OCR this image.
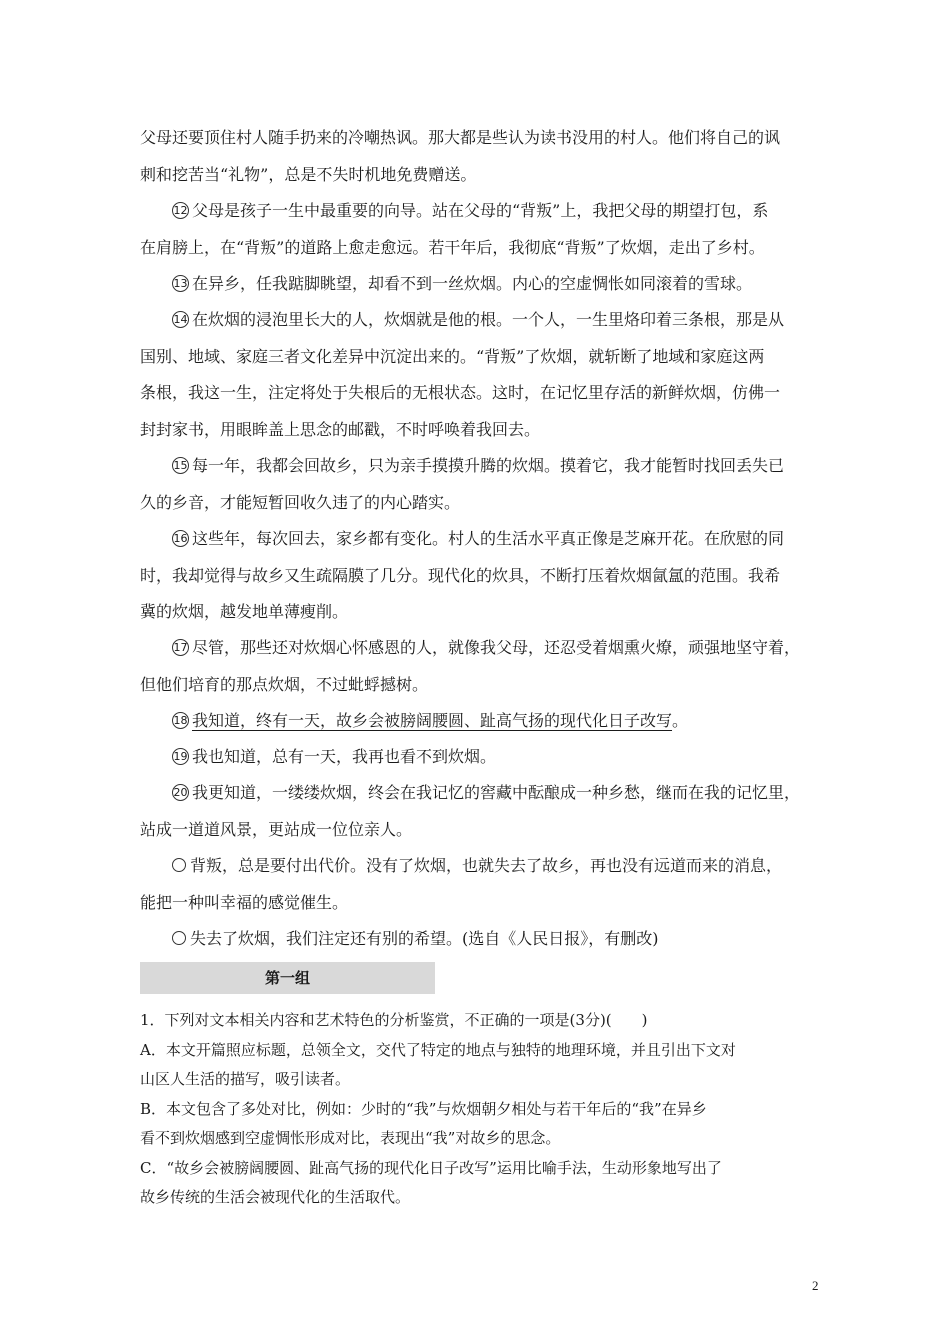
父母还要顶住村人随手扔来的冷嘲热讽。那大都是些认为读书没用的村人。他们将自己的讽
刺和挖苦当“礼物”，总是不失时机地免费赠送。
12 父母是孩子一生中最重要的向导。站在父母的“背叛”上，我把父母的期望打包，系
在肩膀上，在“背叛”的道路上愈走愈远。若干年后，我彻底“背叛”了炊烟，走出了乡村。
13 在异乡，任我踮脚眺望，却看不到一丝炊烟。内心的空虚惆怅如同滚着的雪球。
14 在炊烟的浸泡里长大的人，炊烟就是他的根。一个人，一生里烙印着三条根，那是从
国别、地域、家庭三者文化差异中沉淀出来的。“背叛”了炊烟，就斩断了地域和家庭这两
条根，我这一生，注定将处于失根后的无根状态。这时，在记忆里存活的新鲜炊烟，仿佛一
封封家书，用眼眸盖上思念的邮戳，不时呼唤着我回去。
15 每一年，我都会回故乡，只为亲手摸摸升腾的炊烟。摸着它，我才能暂时找回丢失已
久的乡音，才能短暂回收久违了的内心踏实。
16 这些年，每次回去，家乡都有变化。村人的生活水平真正像是芝麻开花。在欣慰的同
时，我却觉得与故乡又生疏隔膜了几分。现代化的炊具，不断打压着炊烟氤氲的范围。我希
冀的炊烟，越发地单薄瘦削。
17 尽管，那些还对炊烟心怀感恩的人，就像我父母，还忍受着烟熏火燎，顽强地坚守着，
但他们培育的那点炊烟，不过蚍蜉撼树。
18 我知道，终有一天，故乡会被膀阔腰圆、趾高气扬的现代化日子改写。
19 我也知道，总有一天，我再也看不到炊烟。
20 我更知道，一缕缕炊烟，终会在我记忆的窖藏中酝酿成一种乡愁，继而在我的记忆里，
站成一道道风景，更站成一位位亲人。
背叛，总是要付出代价。没有了炊烟，也就失去了故乡，再也没有远道而来的消息，
能把一种叫幸福的感觉催生。
失去了炊烟，我们注定还有别的希望。(选自《人民日报》，有删改)
第一组
1．下列对文本相关内容和艺术特色的分析鉴赏，不正确的一项是(3分)(　　)
A．本文开篇照应标题，总领全文，交代了特定的地点与独特的地理环境，并且引出下文对
山区人生活的描写，吸引读者。
B．本文包含了多处对比，例如：少时的“我”与炊烟朝夕相处与若干年后的“我”在异乡
看不到炊烟感到空虚惆怅形成对比，表现出“我”对故乡的思念。
C．“故乡会被膀阔腰圆、趾高气扬的现代化日子改写”运用比喻手法，生动形象地写出了
故乡传统的生活会被现代化的生活取代。
2
